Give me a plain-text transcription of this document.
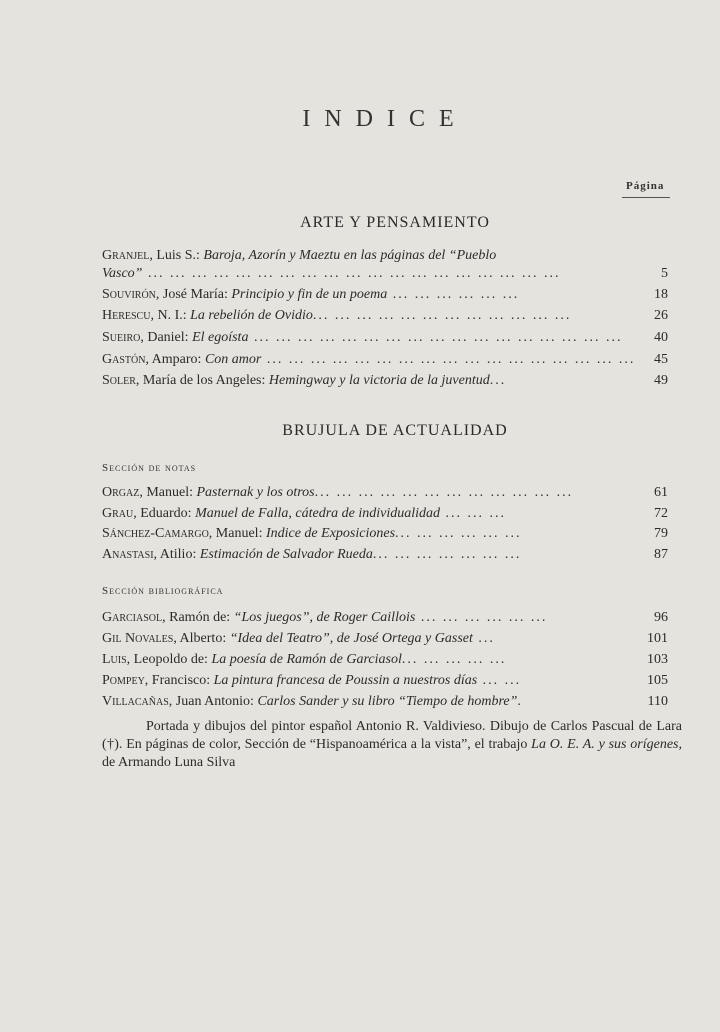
INDICE
Página
ARTE Y PENSAMIENTO
Granjel, Luis S.: Baroja, Azorín y Maeztu en las páginas del “Pueblo
Vasco” ... ... ... ... ... ... ... ... ... ... ... ... ... ... ... ... ... ... ...	5
Souvirón, José María: Principio y fin de un poema ... ... ... ... ... ...	18
Herescu, N. I.: La rebelión de Ovidio... ... ... ... ... ... ... ... ... ... ... ...	26
Sueiro, Daniel: El egoísta ... ... ... ... ... ... ... ... ... ... ... ... ... ... ... ... ... 40
Gastón, Amparo: Con amor ... ... ... ... ... ... ... ... ... ... ... ... ... ... ... ... ... 45
Soler, María de los Angeles: Hemingway y la victoria de la juventud...	49
BRUJULA DE ACTUALIDAD
Sección de notas
Orgaz, Manuel: Pasternak y los otros... ... ... ... ... ... ... ... ... ... ... ...	61
Grau, Eduardo: Manuel de Falla, cátedra de individualidad ... ... ...	72
Sánchez-Camargo, Manuel: Indice de Exposiciones... ... ... ... ... ...	79
Anastasi, Atilio: Estimación de Salvador Rueda... ... ... ... ... ... ...	87
Sección bibliográfica
Garciasol, Ramón de: “Los juegos”, de Roger Caillois ... ... ... ... ... ...	96
Gil Novales, Alberto: “Idea del Teatro”, de José Ortega y Gasset ...	101
Luis, Leopoldo de: La poesía de Ramón de Garciasol... ... ... ... ...	103
Pompey, Francisco: La pintura francesa de Poussin a nuestros días ... ...	105
Villacañas, Juan Antonio: Carlos Sander y su libro “Tiempo de hombre”.	110
Portada y dibujos del pintor español Antonio R. Valdivieso. Dibujo de Carlos Pascual de Lara (†). En páginas de color, Sección de “Hispanoamérica a la vista”, el trabajo La O. E. A. y sus orígenes, de Armando Luna Silva
